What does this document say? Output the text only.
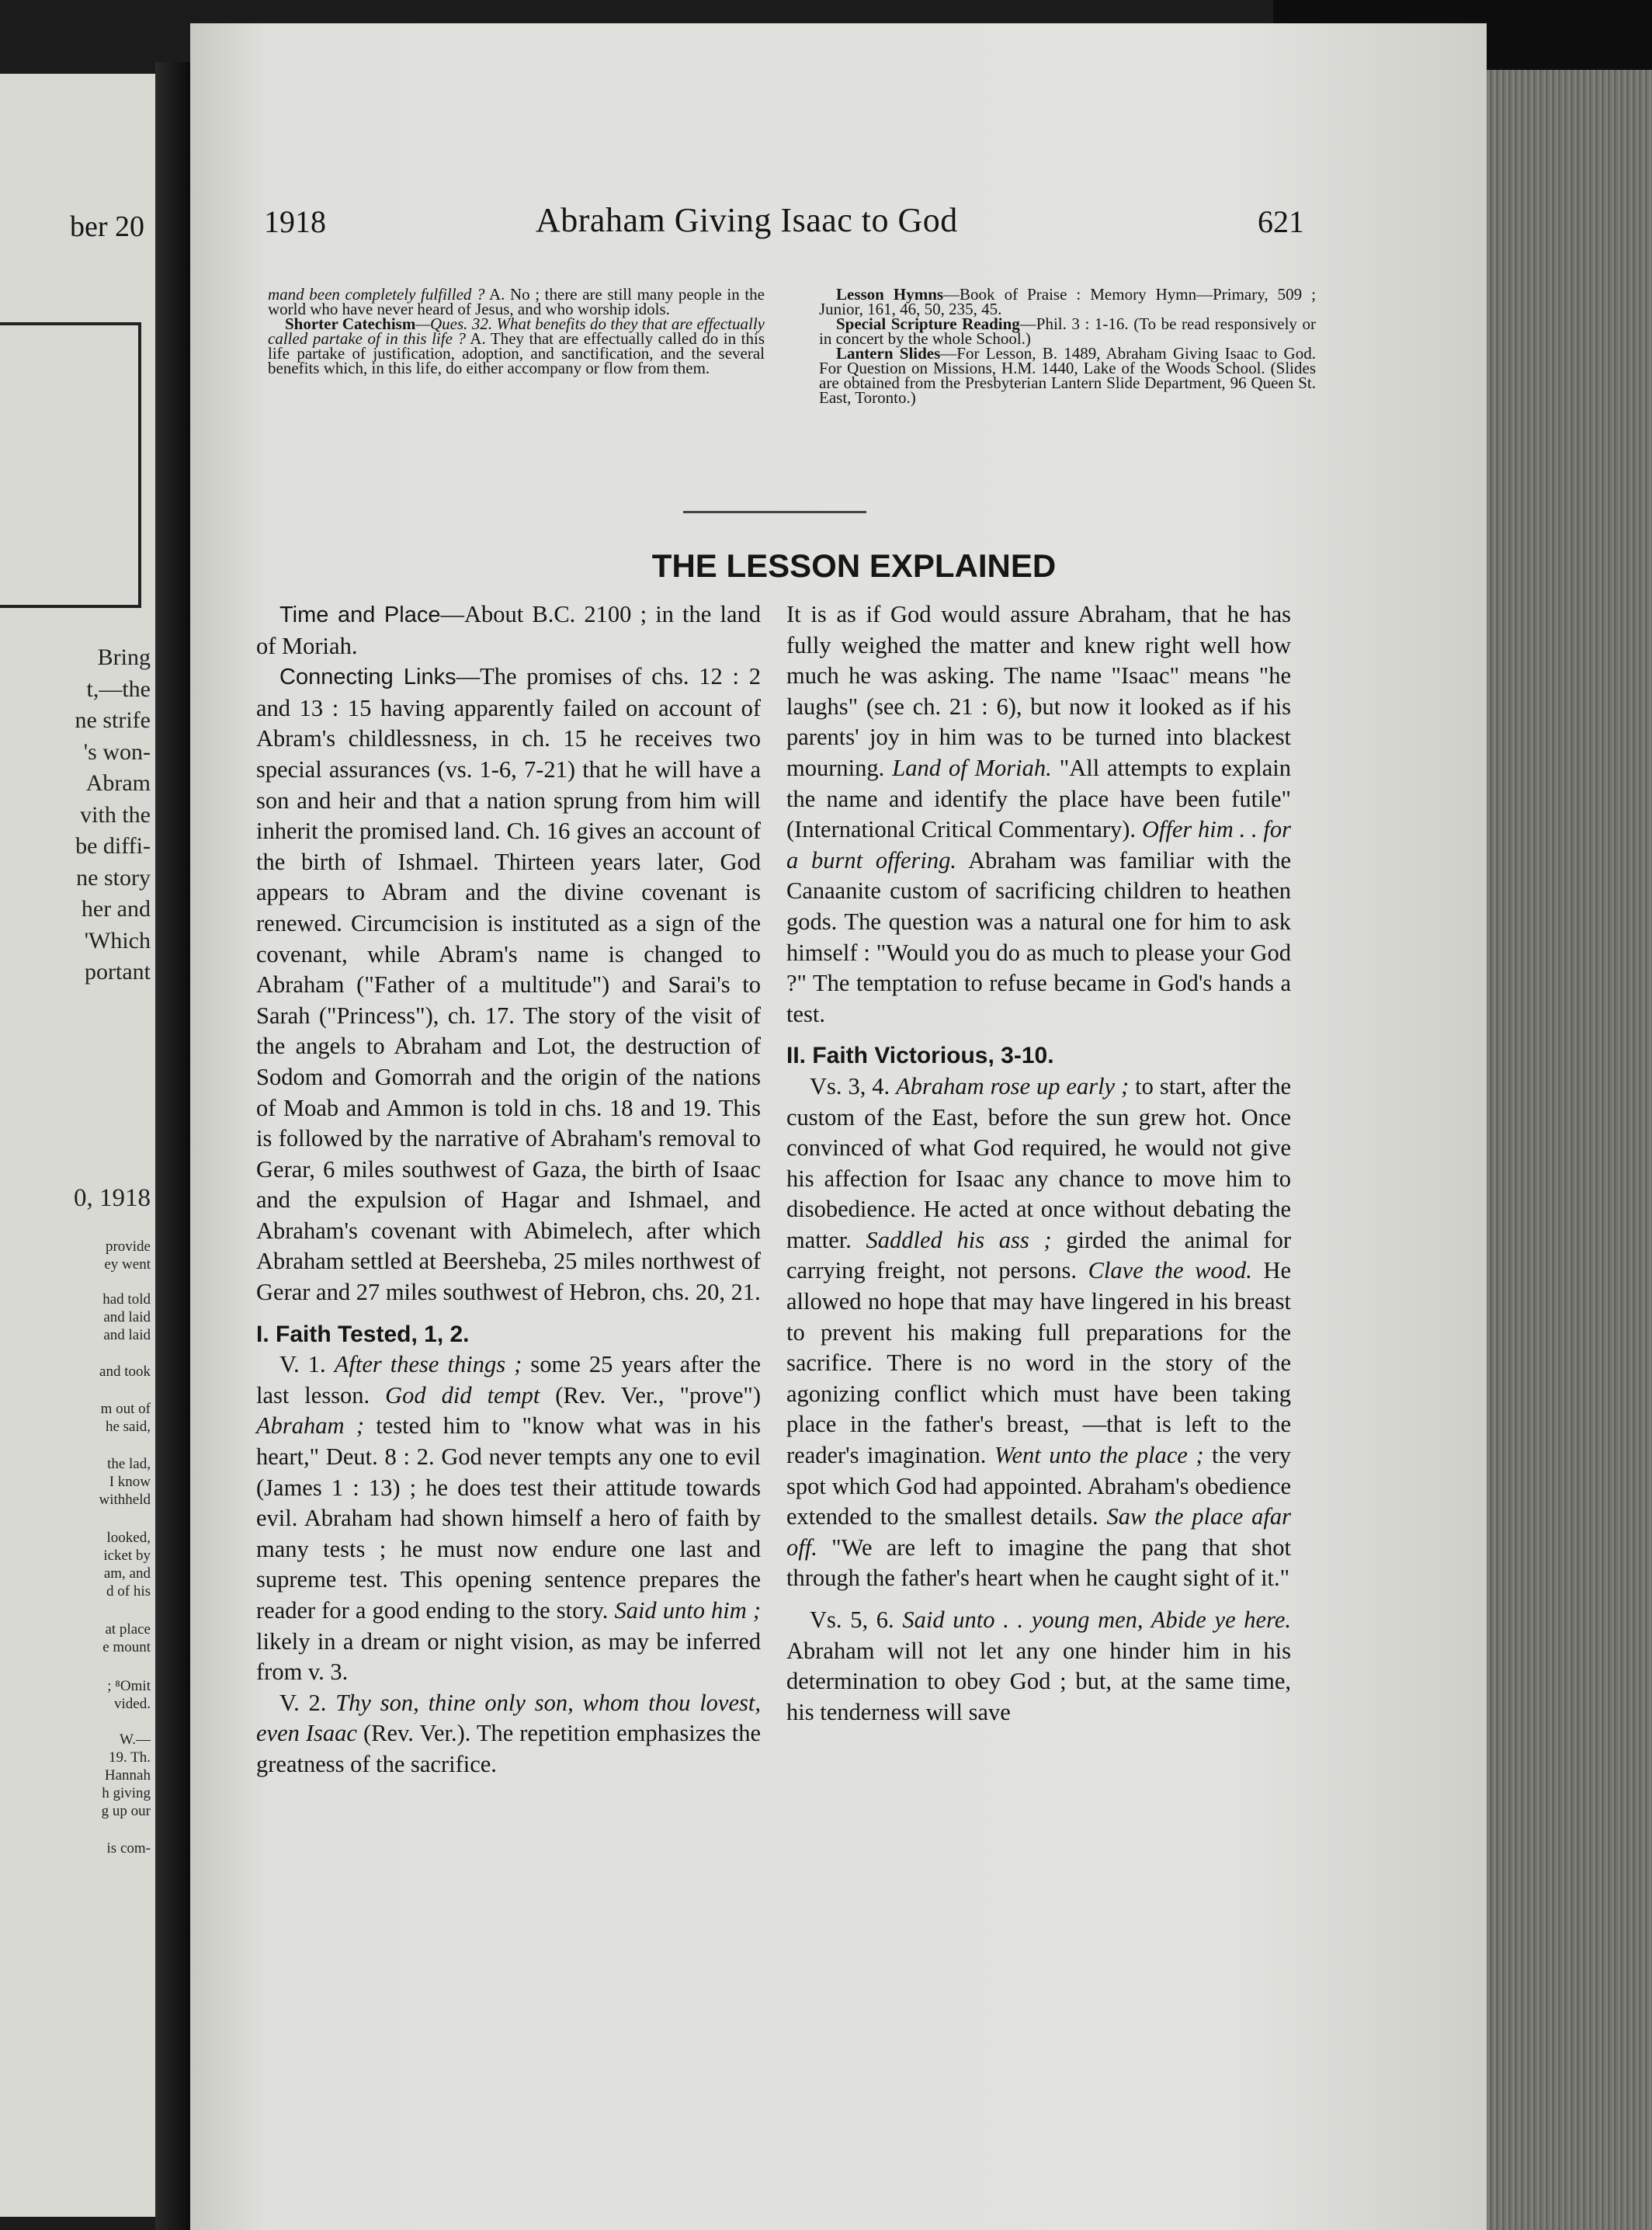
ber 20
Bring
t,—the
ne strife
's won-
Abram
vith the
be diffi-
ne story
her and
'Which
portant
0, 1918
provide
ey went
had told
and laid
and laid
and took
m out of
he said,
the lad,
I know
withheld
looked,
icket by
am, and
d of his
at place
e mount
; ⁸Omit
vided.
W.—
19. Th.
Hannah
h giving
g up our
is com-
1918	Abraham Giving Isaac to God	621

mand been completely fulfilled ? A. No ; there are still many people in the world who have never heard of Jesus, and who worship idols.

Shorter Catechism—Ques. 32. What benefits do they that are effectually called partake of in this life ? A. They that are effectually called do in this life partake of justification, adoption, and sanctification, and the several benefits which, in this life, do either accompany or flow from them.

Lesson Hymns—Book of Praise : Memory Hymn—Primary, 509 ; Junior, 161, 46, 50, 235, 45.

Special Scripture Reading—Phil. 3 : 1-16. (To be read responsively or in concert by the whole School.)

Lantern Slides—For Lesson, B. 1489, Abraham Giving Isaac to God. For Question on Missions, H.M. 1440, Lake of the Woods School. (Slides are obtained from the Presbyterian Lantern Slide Department, 96 Queen St. East, Toronto.)

THE LESSON EXPLAINED

Time and Place—About B.C. 2100 ; in the land of Moriah.

Connecting Links—The promises of chs. 12 : 2 and 13 : 15 having apparently failed on account of Abram's childlessness, in ch. 15 he receives two special assurances (vs. 1-6, 7-21) that he will have a son and heir and that a nation sprung from him will inherit the promised land. Ch. 16 gives an account of the birth of Ishmael. Thirteen years later, God appears to Abram and the divine covenant is renewed. Circumcision is instituted as a sign of the covenant, while Abram's name is changed to Abraham ("Father of a multitude") and Sarai's to Sarah ("Princess"), ch. 17. The story of the visit of the angels to Abraham and Lot, the destruction of Sodom and Gomorrah and the origin of the nations of Moab and Ammon is told in chs. 18 and 19. This is followed by the narrative of Abraham's removal to Gerar, 6 miles southwest of Gaza, the birth of Isaac and the expulsion of Hagar and Ishmael, and Abraham's covenant with Abimelech, after which Abraham settled at Beersheba, 25 miles northwest of Gerar and 27 miles southwest of Hebron, chs. 20, 21.

I. Faith Tested, 1, 2.

V. 1. After these things ; some 25 years after the last lesson. God did tempt (Rev. Ver., "prove") Abraham ; tested him to "know what was in his heart," Deut. 8 : 2. God never tempts any one to evil (James 1 : 13) ; he does test their attitude towards evil. Abraham had shown himself a hero of faith by many tests ; he must now endure one last and supreme test. This opening sentence prepares the reader for a good ending to the story. Said unto him ; likely in a dream or night vision, as may be inferred from v. 3.

V. 2. Thy son, thine only son, whom thou lovest, even Isaac (Rev. Ver.). The repetition emphasizes the greatness of the sacrifice.

It is as if God would assure Abraham, that he has fully weighed the matter and knew right well how much he was asking. The name "Isaac" means "he laughs" (see ch. 21 : 6), but now it looked as if his parents' joy in him was to be turned into blackest mourning. Land of Moriah. "All attempts to explain the name and identify the place have been futile" (International Critical Commentary). Offer him . . for a burnt offering. Abraham was familiar with the Canaanite custom of sacrificing children to heathen gods. The question was a natural one for him to ask himself : "Would you do as much to please your God ?" The temptation to refuse became in God's hands a test.

II. Faith Victorious, 3-10.

Vs. 3, 4. Abraham rose up early ; to start, after the custom of the East, before the sun grew hot. Once convinced of what God required, he would not give his affection for Isaac any chance to move him to disobedience. He acted at once without debating the matter. Saddled his ass ; girded the animal for carrying freight, not persons. Clave the wood. He allowed no hope that may have lingered in his breast to prevent his making full preparations for the sacrifice. There is no word in the story of the agonizing conflict which must have been taking place in the father's breast, —that is left to the reader's imagination. Went unto the place ; the very spot which God had appointed. Abraham's obedience extended to the smallest details. Saw the place afar off. "We are left to imagine the pang that shot through the father's heart when he caught sight of it."

Vs. 5, 6. Said unto . . young men, Abide ye here. Abraham will not let any one hinder him in his determination to obey God ; but, at the same time, his tenderness will save
